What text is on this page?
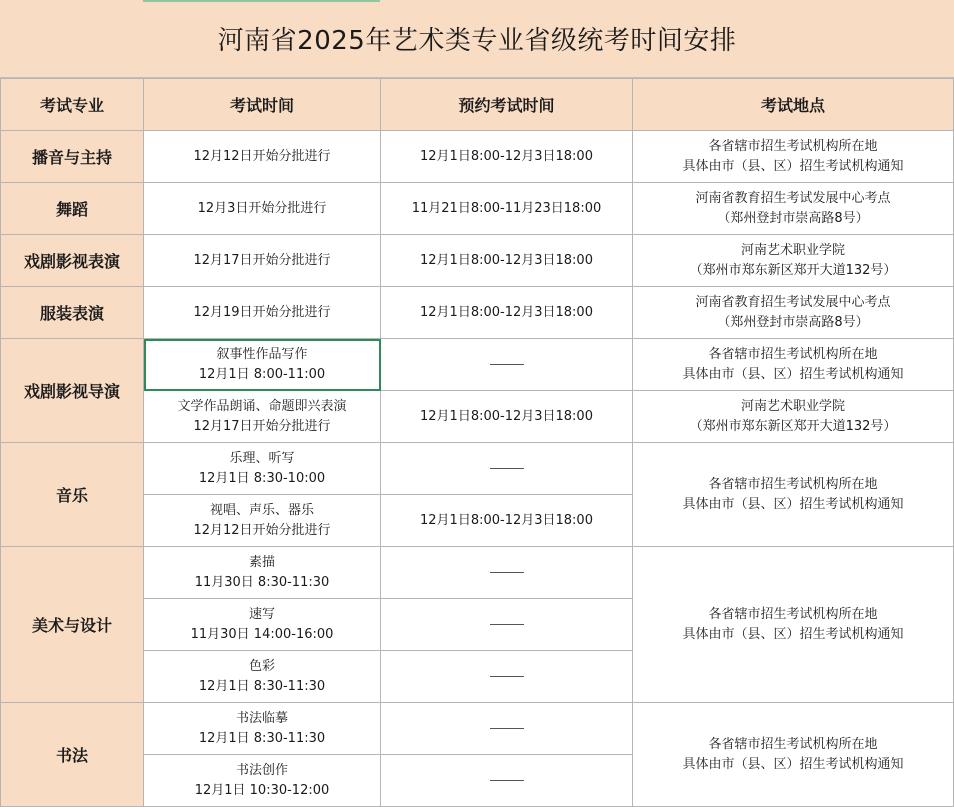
河南省2025年艺术类专业省级统考时间安排
考试专业	考试时间	预约考试时间	考试地点
播音与主持	12月12日开始分批进行	12月1日8:00-12月3日18:00	各省辖市招生考试机构所在地
具体由市（县、区）招生考试机构通知

舞蹈	12月3日开始分批进行	11月21日8:00-11月23日18:00	河南省教育招生考试发展中心考点
（郑州登封市崇高路8号）

戏剧影视表演	12月17日开始分批进行	12月1日8:00-12月3日18:00	河南艺术职业学院
（郑州市郑东新区郑开大道132号）

服装表演	12月19日开始分批进行	12月1日8:00-12月3日18:00	河南省教育招生考试发展中心考点
（郑州登封市崇高路8号）

戏剧影视导演	叙事性作品写作
12月1日 8:00-11:00		各省辖市招生考试机构所在地
具体由市（县、区）招生考试机构通知

	文学作品朗诵、命题即兴表演
12月17日开始分批进行	12月1日8:00-12月3日18:00	河南艺术职业学院
（郑州市郑东新区郑开大道132号）

音乐	乐理、听写
12月1日 8:30-10:00		各省辖市招生考试机构所在地
具体由市（县、区）招生考试机构通知

	视唱、声乐、器乐
12月12日开始分批进行	12月1日8:00-12月3日18:00	
美术与设计	素描
11月30日 8:30-11:30		各省辖市招生考试机构所在地
具体由市（县、区）招生考试机构通知

	速写
11月30日 14:00-16:00		

	色彩
12月1日 8:30-11:30		

书法	书法临摹
12月1日 8:30-11:30		各省辖市招生考试机构所在地
具体由市（县、区）招生考试机构通知

	书法创作
12月1日 10:30-12:00		
